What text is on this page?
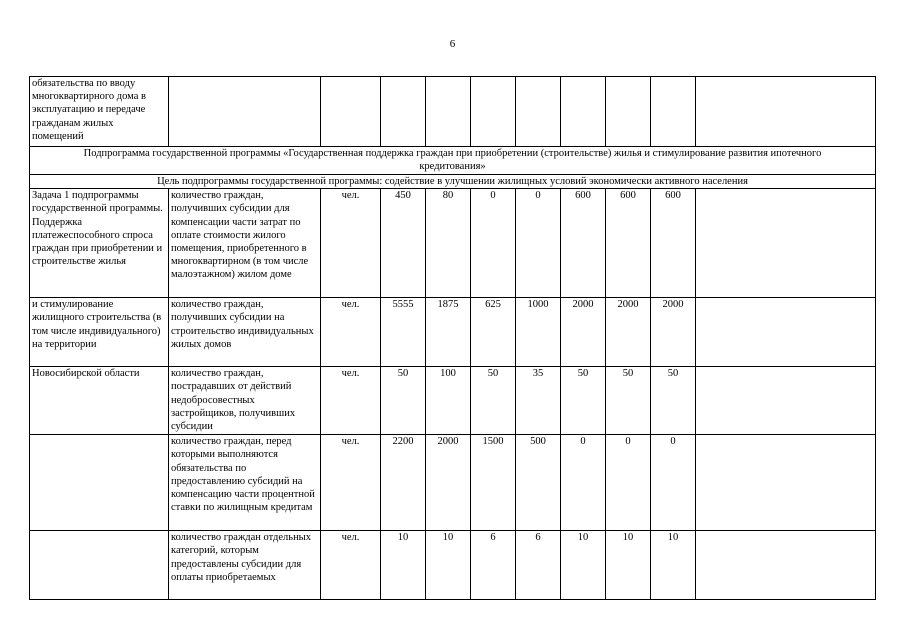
6
обязательства по вводу многоквартирного дома в эксплуатацию и передаче гражданам жилых помещений										
Подпрограмма государственной программы «Государственная поддержка граждан при приобретении (строительстве) жилья и стимулирование развития ипотечного кредитования»										
Цель подпрограммы государственной программы: содействие в улучшении жилищных условий экономически активного населения										

Задача 1 подпрограммы государственной программы. Поддержка платежеспособного спроса граждан при приобретении и строительстве жилья	количество граждан, получивших субсидии для компенсации части затрат по оплате стоимости жилого помещения, приобретенного в многоквартирном (в том числе малоэтажном) жилом доме	чел.	450	80	0	0	600	600	600	
и стимулирование жилищного строительства (в том числе индивидуального) на территории	количество граждан, получивших субсидии на строительство индивидуальных жилых домов	чел.	5555	1875	625	1000	2000	2000	2000	
Новосибирской области	количество граждан, пострадавших от действий недобросовестных застройщиков, получивших субсидии	чел.	50	100	50	35	50	50	50	
	количество граждан, перед которыми выполняются обязательства по предоставлению субсидий на компенсацию части процентной ставки по жилищным кредитам	чел.	2200	2000	1500	500	0	0	0	
	количество граждан отдельных категорий, которым предоставлены субсидии для оплаты приобретаемых	чел.	10	10	6	6	10	10	10	
